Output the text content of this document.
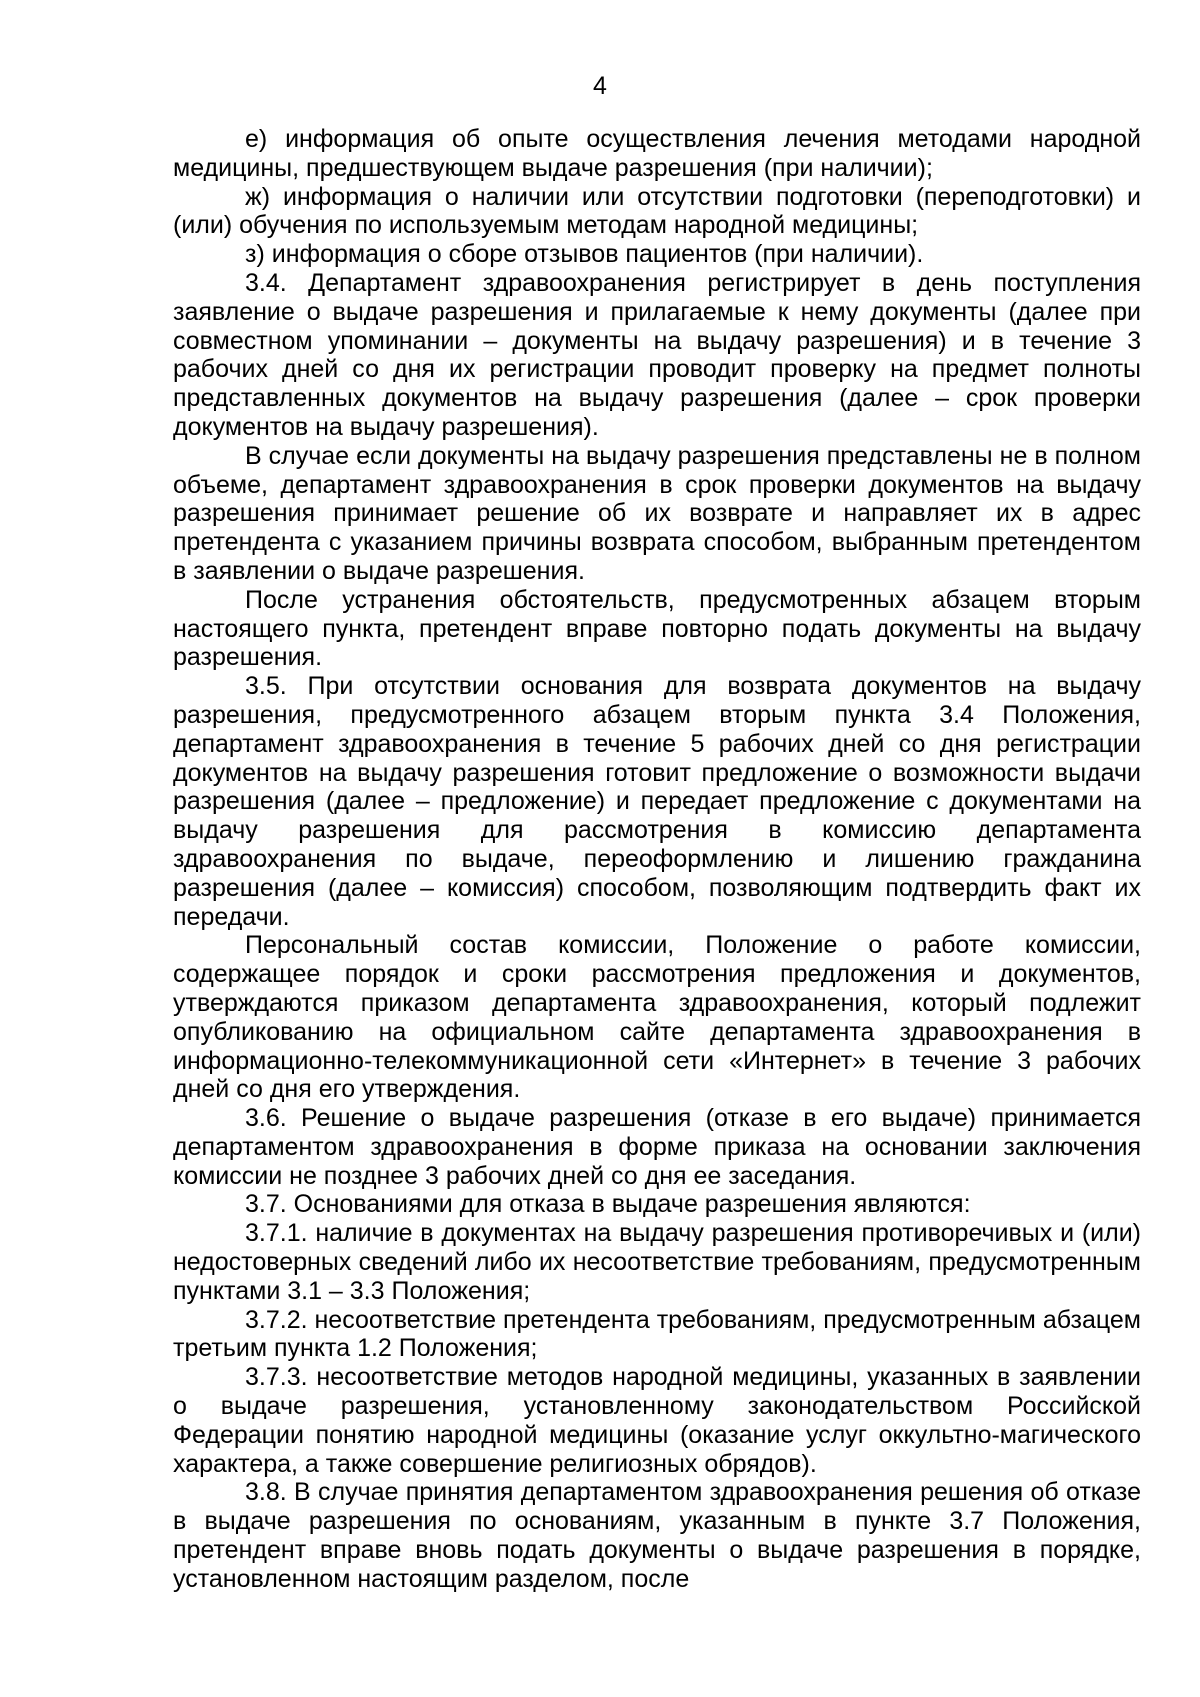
4

е) информация об опыте осуществления лечения методами народной медицины, предшествующем выдаче разрешения (при наличии);

ж) информация о наличии или отсутствии подготовки (переподготовки) и (или) обучения по используемым методам народной медицины;

з) информация о сборе отзывов пациентов (при наличии).

3.4. Департамент здравоохранения регистрирует в день поступления заявление о выдаче разрешения и прилагаемые к нему документы (далее при совместном упоминании – документы на выдачу разрешения) и в течение 3 рабочих дней со дня их регистрации проводит проверку на предмет полноты представленных документов на выдачу разрешения (далее – срок проверки документов на выдачу разрешения).

В случае если документы на выдачу разрешения представлены не в полном объеме, департамент здравоохранения в срок проверки документов на выдачу разрешения принимает решение об их возврате и направляет их в адрес претендента с указанием причины возврата способом, выбранным претендентом в заявлении о выдаче разрешения.

После устранения обстоятельств, предусмотренных абзацем вторым настоящего пункта, претендент вправе повторно подать документы на выдачу разрешения.

3.5. При отсутствии основания для возврата документов на выдачу разрешения, предусмотренного абзацем вторым пункта 3.4 Положения, департамент здравоохранения в течение 5 рабочих дней со дня регистрации документов на выдачу разрешения готовит предложение о возможности выдачи разрешения (далее – предложение) и передает предложение с документами на выдачу разрешения для рассмотрения в комиссию департамента здравоохранения по выдаче, переоформлению и лишению гражданина разрешения (далее – комиссия) способом, позволяющим подтвердить факт их передачи.

Персональный состав комиссии, Положение о работе комиссии, содержащее порядок и сроки рассмотрения предложения и документов, утверждаются приказом департамента здравоохранения, который подлежит опубликованию на официальном сайте департамента здравоохранения в информационно-телекоммуникационной сети «Интернет» в течение 3 рабочих дней со дня его утверждения.

3.6. Решение о выдаче разрешения (отказе в его выдаче) принимается департаментом здравоохранения в форме приказа на основании заключения комиссии не позднее 3 рабочих дней со дня ее заседания.

3.7. Основаниями для отказа в выдаче разрешения являются:

3.7.1. наличие в документах на выдачу разрешения противоречивых и (или) недостоверных сведений либо их несоответствие требованиям, предусмотренным пунктами 3.1 – 3.3 Положения;

3.7.2. несоответствие претендента требованиям, предусмотренным абзацем третьим пункта 1.2 Положения;

3.7.3. несоответствие методов народной медицины, указанных в заявлении о выдаче разрешения, установленному законодательством Российской Федерации понятию народной медицины (оказание услуг оккультно-магического характера, а также совершение религиозных обрядов).

3.8. В случае принятия департаментом здравоохранения решения об отказе в выдаче разрешения по основаниям, указанным в пункте 3.7 Положения, претендент вправе вновь подать документы о выдаче разрешения в порядке, установленном настоящим разделом, после
